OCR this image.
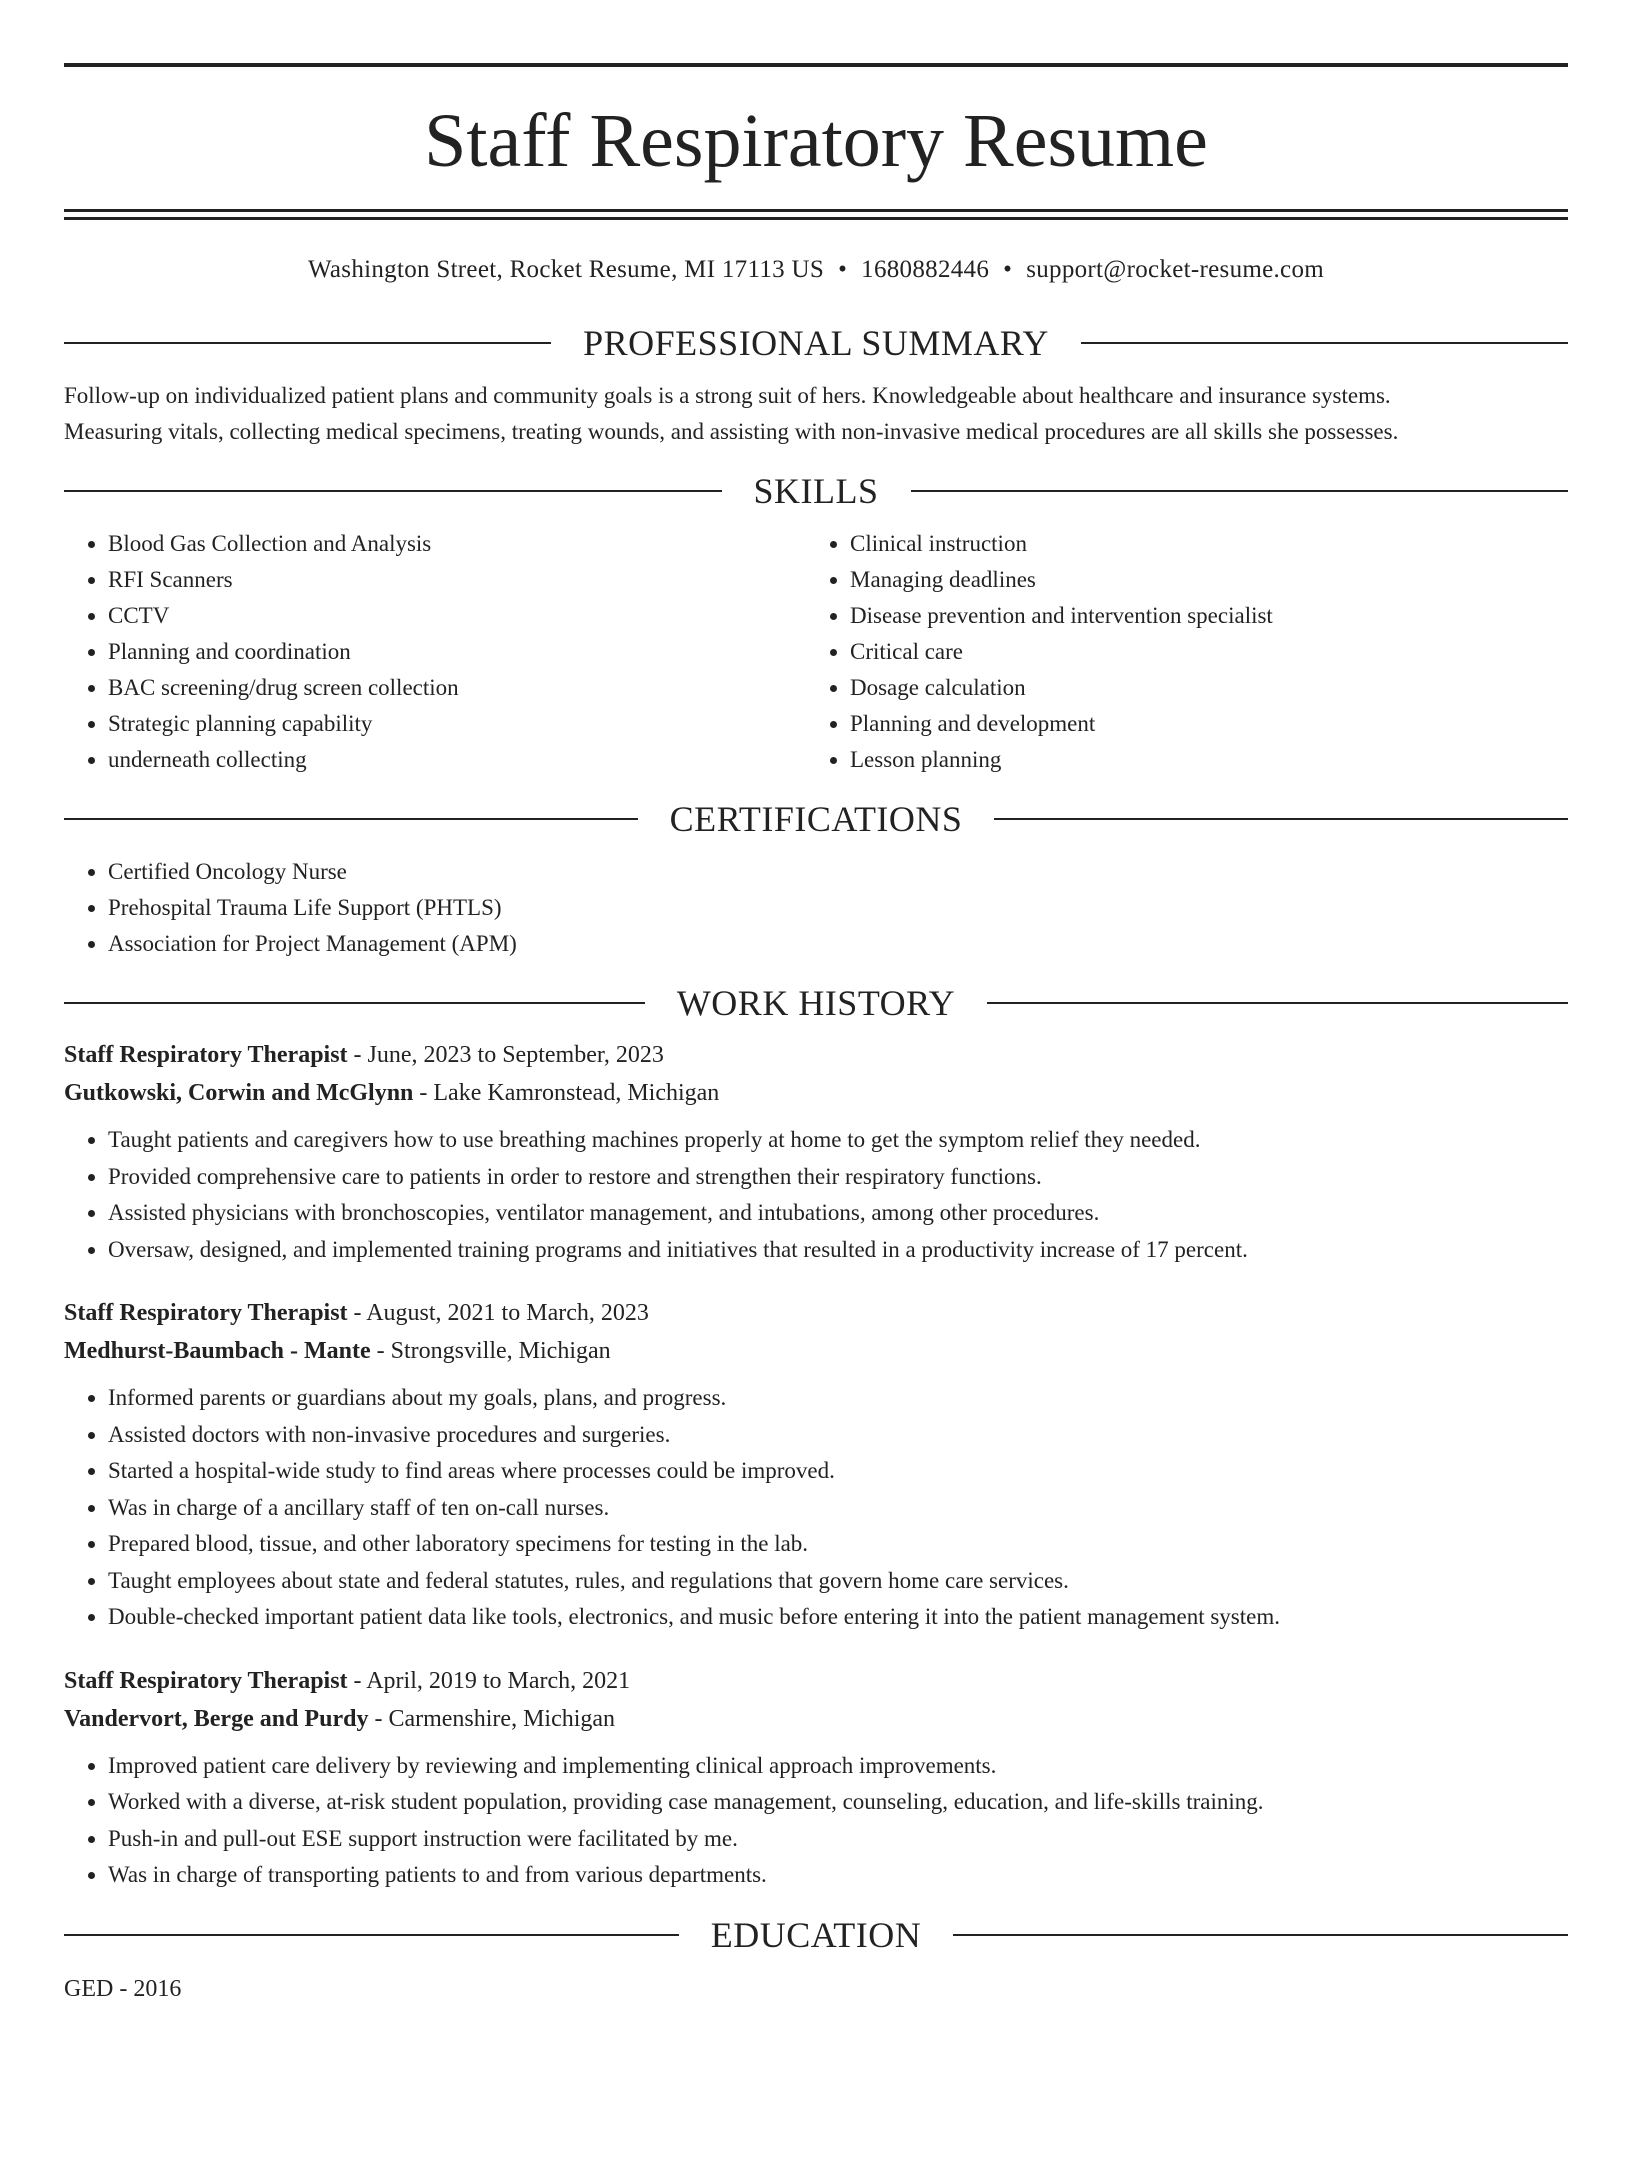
Staff Respiratory Resume
Washington Street, Rocket Resume, MI 17113 US • 1680882446 • support@rocket-resume.com
PROFESSIONAL SUMMARY
Follow-up on individualized patient plans and community goals is a strong suit of hers. Knowledgeable about healthcare and insurance systems.
Measuring vitals, collecting medical specimens, treating wounds, and assisting with non-invasive medical procedures are all skills she possesses.
SKILLS
• Blood Gas Collection and Analysis
• RFI Scanners
• CCTV
• Planning and coordination
• BAC screening/drug screen collection
• Strategic planning capability
• underneath collecting
• Clinical instruction
• Managing deadlines
• Disease prevention and intervention specialist
• Critical care
• Dosage calculation
• Planning and development
• Lesson planning
CERTIFICATIONS
• Certified Oncology Nurse
• Prehospital Trauma Life Support (PHTLS)
• Association for Project Management (APM)
WORK HISTORY
Staff Respiratory Therapist - June, 2023 to September, 2023
Gutkowski, Corwin and McGlynn - Lake Kamronstead, Michigan
• Taught patients and caregivers how to use breathing machines properly at home to get the symptom relief they needed.
• Provided comprehensive care to patients in order to restore and strengthen their respiratory functions.
• Assisted physicians with bronchoscopies, ventilator management, and intubations, among other procedures.
• Oversaw, designed, and implemented training programs and initiatives that resulted in a productivity increase of 17 percent.
Staff Respiratory Therapist - August, 2021 to March, 2023
Medhurst-Baumbach - Mante - Strongsville, Michigan
• Informed parents or guardians about my goals, plans, and progress.
• Assisted doctors with non-invasive procedures and surgeries.
• Started a hospital-wide study to find areas where processes could be improved.
• Was in charge of a ancillary staff of ten on-call nurses.
• Prepared blood, tissue, and other laboratory specimens for testing in the lab.
• Taught employees about state and federal statutes, rules, and regulations that govern home care services.
• Double-checked important patient data like tools, electronics, and music before entering it into the patient management system.
Staff Respiratory Therapist - April, 2019 to March, 2021
Vandervort, Berge and Purdy - Carmenshire, Michigan
• Improved patient care delivery by reviewing and implementing clinical approach improvements.
• Worked with a diverse, at-risk student population, providing case management, counseling, education, and life-skills training.
• Push-in and pull-out ESE support instruction were facilitated by me.
• Was in charge of transporting patients to and from various departments.
EDUCATION
GED - 2016
